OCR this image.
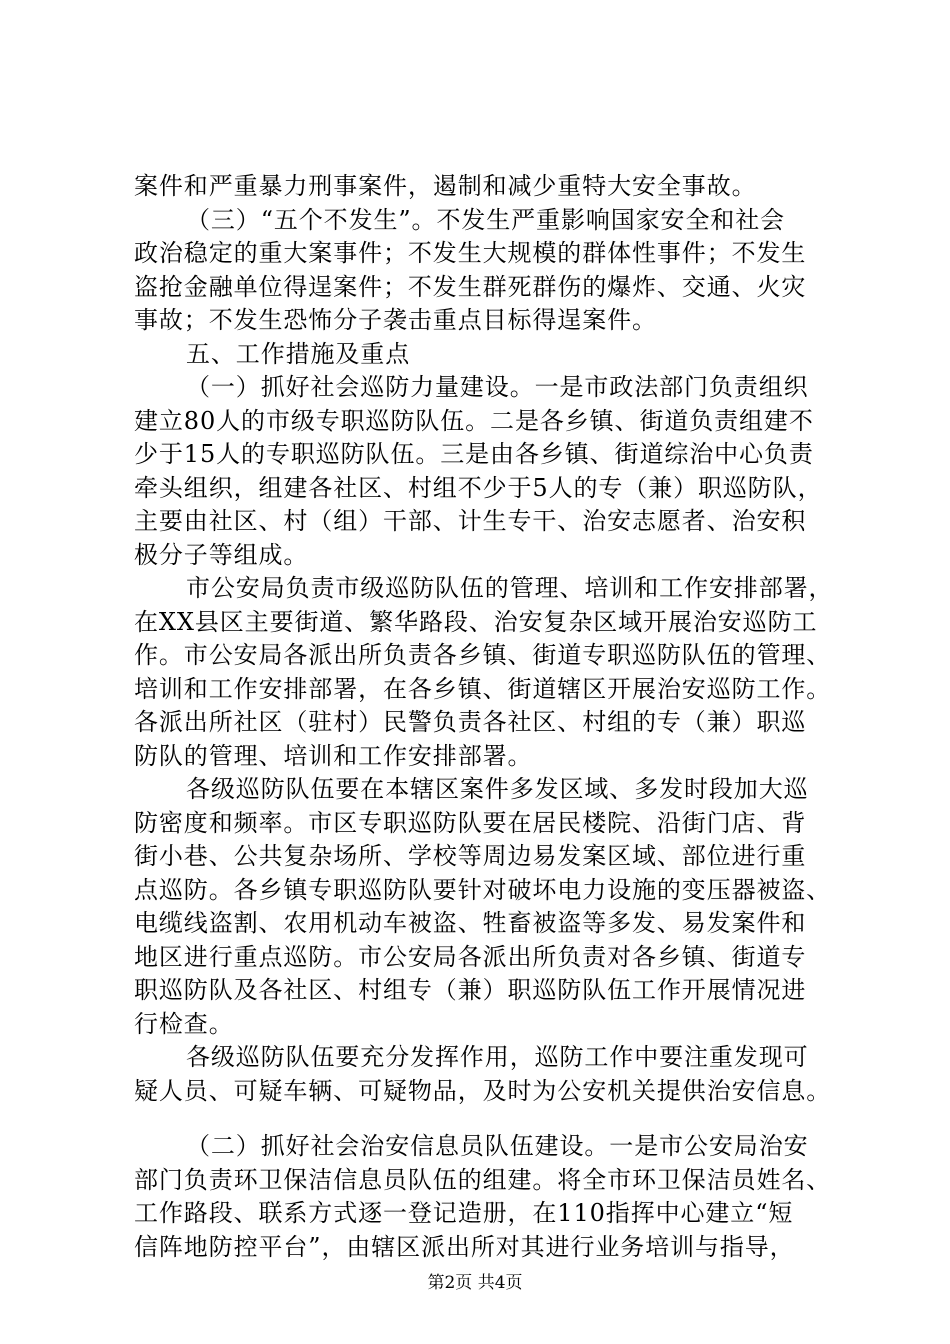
案件和严重暴力刑事案件，遏制和减少重特大安全事故。
（三）“五个不发生”。不发生严重影响国家安全和社会
政治稳定的重大案事件；不发生大规模的群体性事件；不发生
盗抢金融单位得逞案件；不发生群死群伤的爆炸、交通、火灾
事故；不发生恐怖分子袭击重点目标得逞案件。
五、工作措施及重点
（一）抓好社会巡防力量建设。一是市政法部门负责组织
建立80人的市级专职巡防队伍。二是各乡镇、街道负责组建不
少于15人的专职巡防队伍。三是由各乡镇、街道综治中心负责
牵头组织，组建各社区、村组不少于5人的专（兼）职巡防队，
主要由社区、村（组）干部、计生专干、治安志愿者、治安积
极分子等组成。
市公安局负责市级巡防队伍的管理、培训和工作安排部署，
在XX县区主要街道、繁华路段、治安复杂区域开展治安巡防工
作。市公安局各派出所负责各乡镇、街道专职巡防队伍的管理、
培训和工作安排部署，在各乡镇、街道辖区开展治安巡防工作。
各派出所社区（驻村）民警负责各社区、村组的专（兼）职巡
防队的管理、培训和工作安排部署。
各级巡防队伍要在本辖区案件多发区域、多发时段加大巡
防密度和频率。市区专职巡防队要在居民楼院、沿街门店、背
街小巷、公共复杂场所、学校等周边易发案区域、部位进行重
点巡防。各乡镇专职巡防队要针对破坏电力设施的变压器被盗、
电缆线盗割、农用机动车被盗、牲畜被盗等多发、易发案件和
地区进行重点巡防。市公安局各派出所负责对各乡镇、街道专
职巡防队及各社区、村组专（兼）职巡防队伍工作开展情况进
行检查。
各级巡防队伍要充分发挥作用，巡防工作中要注重发现可
疑人员、可疑车辆、可疑物品，及时为公安机关提供治安信息。
（二）抓好社会治安信息员队伍建设。一是市公安局治安
部门负责环卫保洁信息员队伍的组建。将全市环卫保洁员姓名、
工作路段、联系方式逐一登记造册，在110指挥中心建立“短
信阵地防控平台”，由辖区派出所对其进行业务培训与指导，
第2页 共4页
